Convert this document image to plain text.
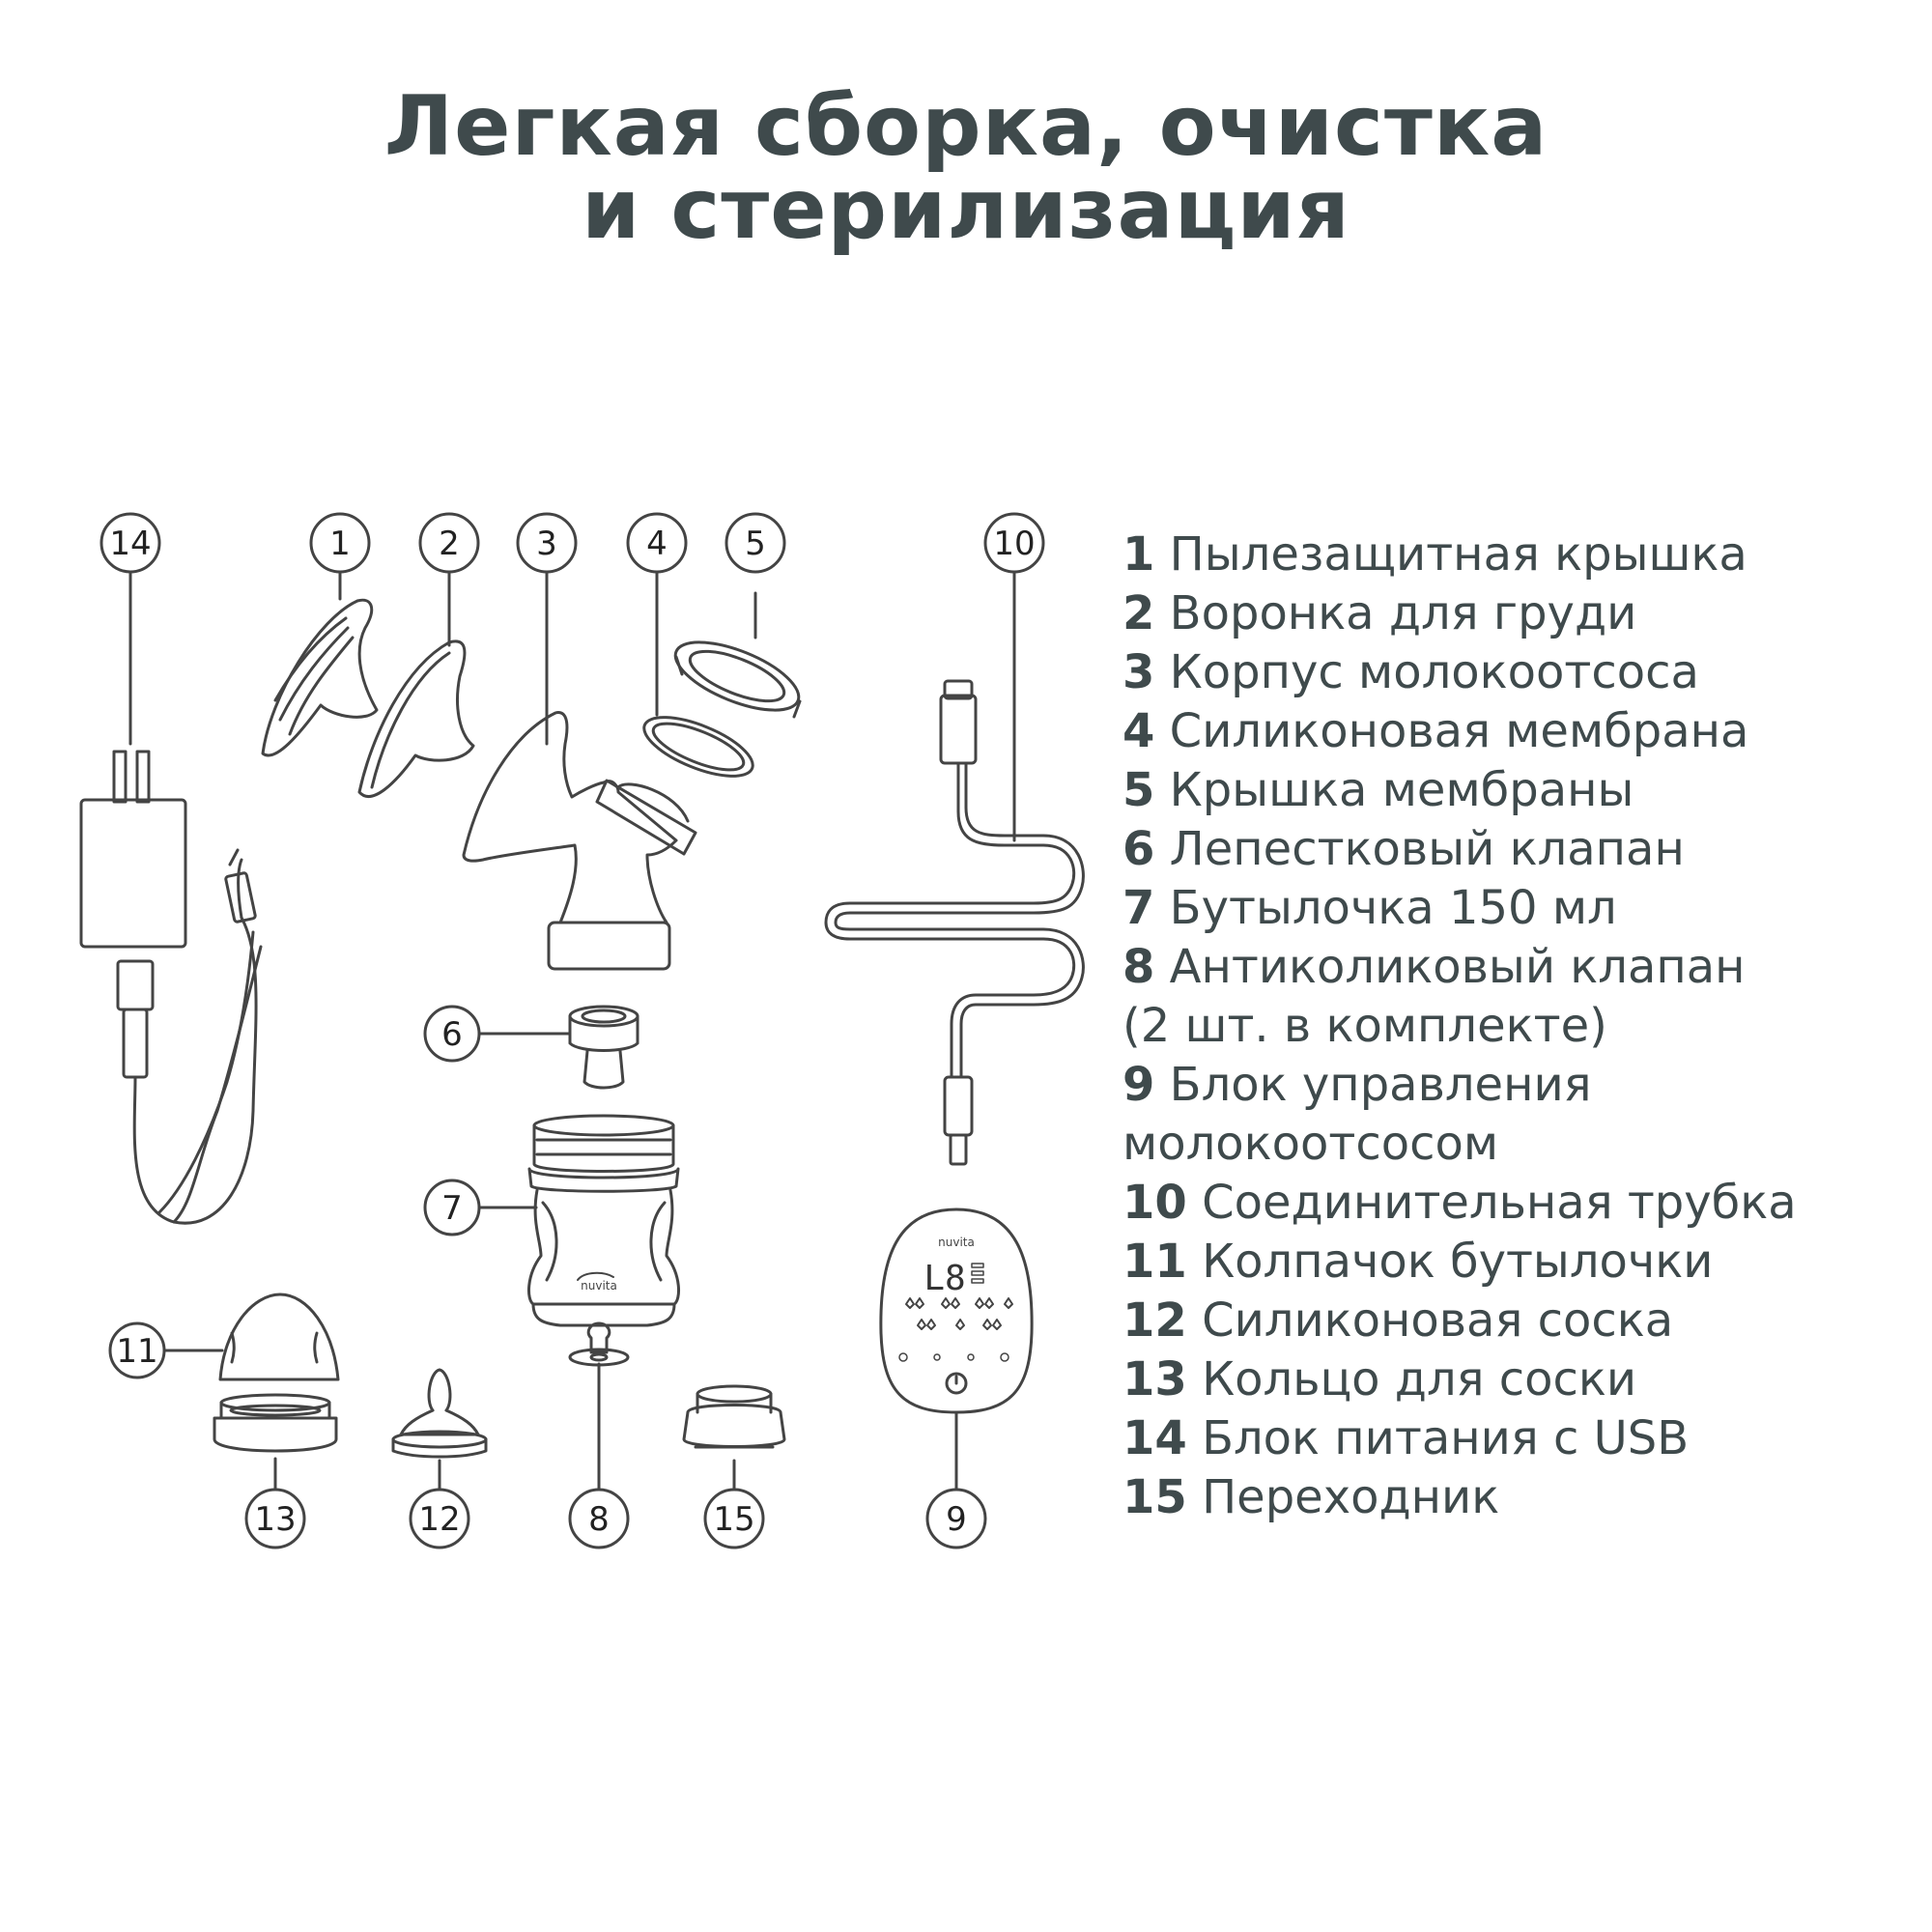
Легкая сборка, очистка
и стерилизация
14	1	2 3	4 5	10
6
7
11
13	12	8	15	9
nuvita
nuvita
L8
1 Пылезащитная крышка
2 Воронка для груди
3 Корпус молокоотсоса
4 Силиконовая мембрана
5 Крышка мембраны
6 Лепестковый клапан
7 Бутылочка 150 мл
8 Антиколиковый клапан
(2 шт. в комплекте)
9 Блок управления
молокоотсосом
10 Соединительная трубка
11 Колпачок бутылочки
12 Силиконовая соска
13 Кольцо для соски
14 Блок питания с USB
15 Переходник
